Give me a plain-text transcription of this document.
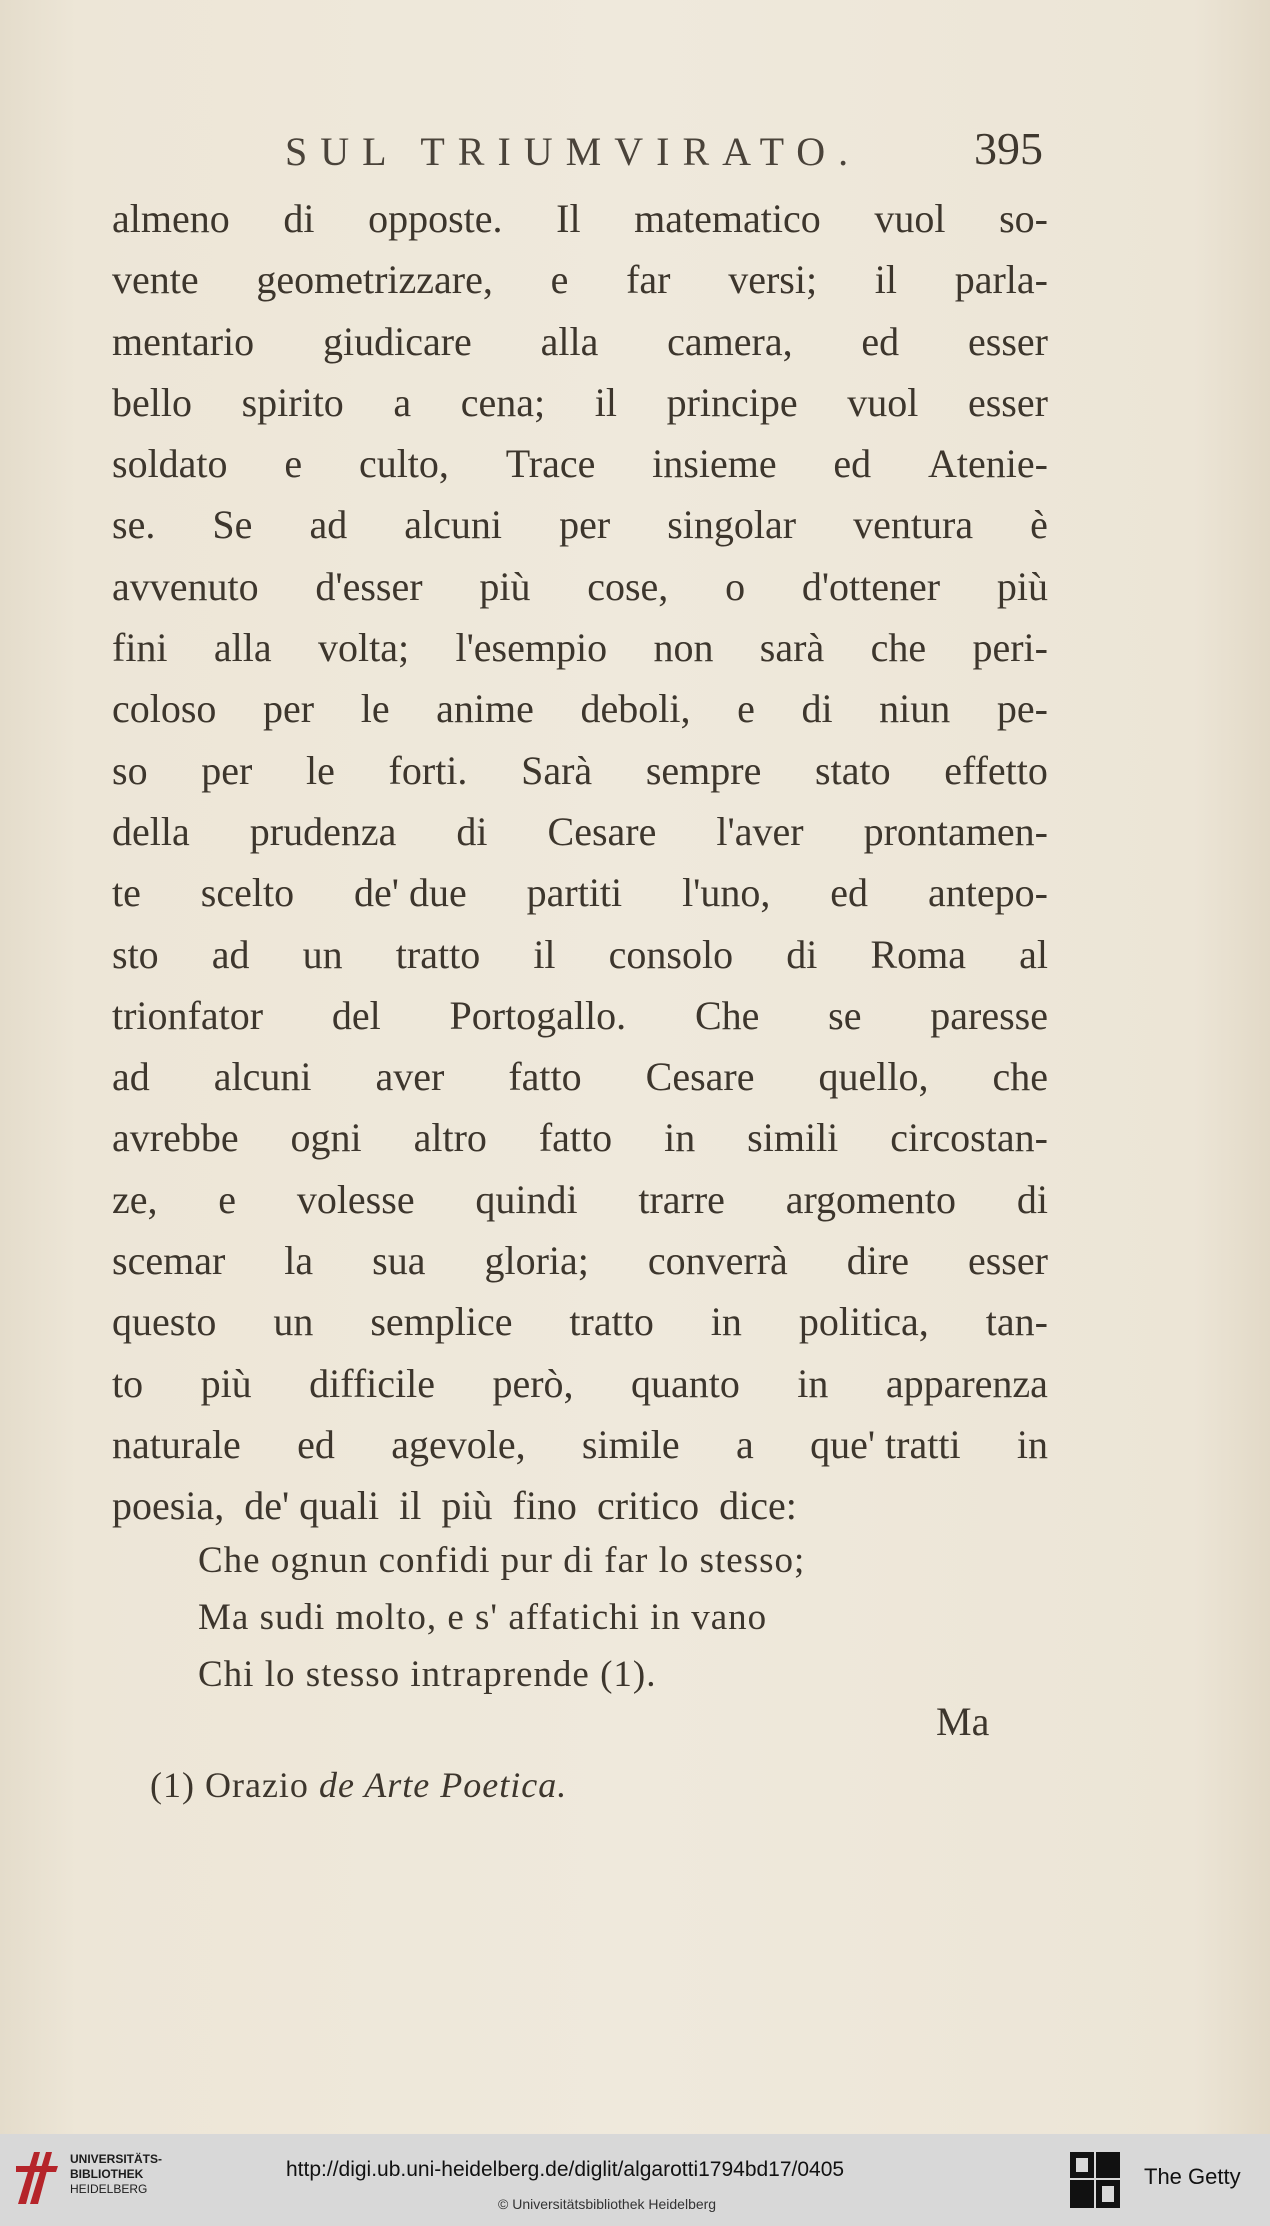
SUL TRIUMVIRATO. 395
almeno di opposte. Il matematico vuol so-
vente geometrizzare, e far versi; il parla-
mentario giudicare alla camera, ed esser
bello spirito a cena; il principe vuol esser
soldato e culto, Trace insieme ed Atenie-
se. Se ad alcuni per singolar ventura è
avvenuto d'esser più cose, o d'ottener più
fini alla volta; l'esempio non sarà che peri-
coloso per le anime deboli, e di niun pe-
so per le forti. Sarà sempre stato effetto
della prudenza di Cesare l'aver prontamen-
te scelto de' due partiti l'uno, ed antepo-
sto ad un tratto il consolo di Roma al
trionfator del Portogallo. Che se paresse
ad alcuni aver fatto Cesare quello, che
avrebbe ogni altro fatto in simili circostan-
ze, e volesse quindi trarre argomento di
scemar la sua gloria; converrà dire esser
questo un semplice tratto in politica, tan-
to più difficile però, quanto in apparenza
naturale ed agevole, simile a que' tratti in
poesia, de' quali il più fino critico dice:
Che ognun confidi pur di far lo stesso;
Ma sudi molto, e s' affatichi in vano
Chi lo stesso intraprende (1).
Ma
(1) Orazio de Arte Poetica.
UNIVERSITÄTS-
BIBLIOTHEK
HEIDELBERG
http://digi.ub.uni-heidelberg.de/diglit/algarotti1794bd17/0405
© Universitätsbibliothek Heidelberg
The Getty
